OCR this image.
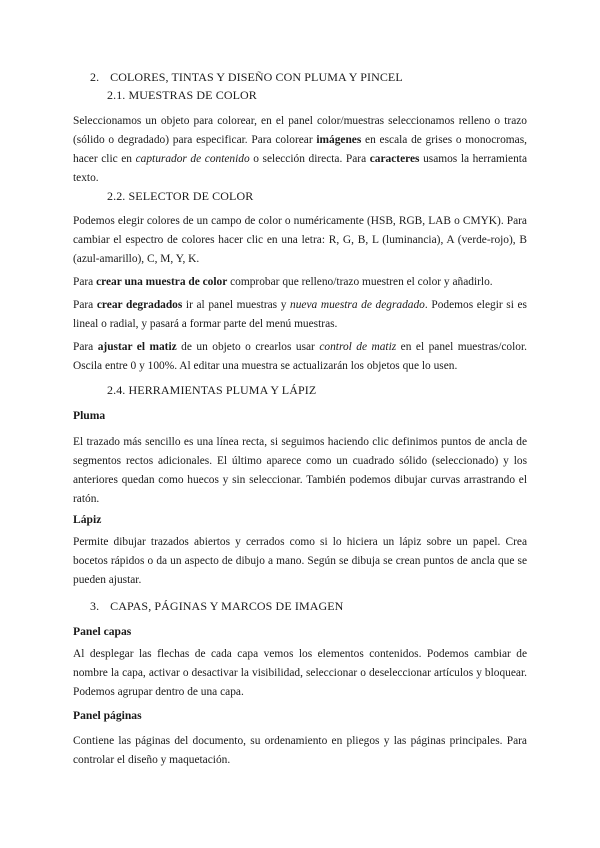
2. COLORES, TINTAS Y DISEÑO CON PLUMA Y PINCEL
2.1. MUESTRAS DE COLOR

Seleccionamos un objeto para colorear, en el panel color/muestras seleccionamos relleno o trazo (sólido o degradado) para especificar. Para colorear imágenes en escala de grises o monocromas, hacer clic en capturador de contenido o selección directa. Para caracteres usamos la herramienta texto.

2.2. SELECTOR DE COLOR

Podemos elegir colores de un campo de color o numéricamente (HSB, RGB, LAB o CMYK). Para cambiar el espectro de colores hacer clic en una letra: R, G, B, L (luminancia), A (verde-rojo), B (azul-amarillo), C, M, Y, K.

Para crear una muestra de color comprobar que relleno/trazo muestren el color y añadirlo.

Para crear degradados ir al panel muestras y nueva muestra de degradado. Podemos elegir si es lineal o radial, y pasará a formar parte del menú muestras.

Para ajustar el matiz de un objeto o crearlos usar control de matiz en el panel muestras/color. Oscila entre 0 y 100%. Al editar una muestra se actualizarán los objetos que lo usen.

2.4. HERRAMIENTAS PLUMA Y LÁPIZ
Pluma

El trazado más sencillo es una línea recta, si seguimos haciendo clic definimos puntos de ancla de segmentos rectos adicionales. El último aparece como un cuadrado sólido (seleccionado) y los anteriores quedan como huecos y sin seleccionar. También podemos dibujar curvas arrastrando el ratón.

Lápiz

Permite dibujar trazados abiertos y cerrados como si lo hiciera un lápiz sobre un papel. Crea bocetos rápidos o da un aspecto de dibujo a mano. Según se dibuja se crean puntos de ancla que se pueden ajustar.

3. CAPAS, PÁGINAS Y MARCOS DE IMAGEN
Panel capas

Al desplegar las flechas de cada capa vemos los elementos contenidos. Podemos cambiar de nombre la capa, activar o desactivar la visibilidad, seleccionar o deseleccionar artículos y bloquear. Podemos agrupar dentro de una capa.

Panel páginas

Contiene las páginas del documento, su ordenamiento en pliegos y las páginas principales. Para controlar el diseño y maquetación.
